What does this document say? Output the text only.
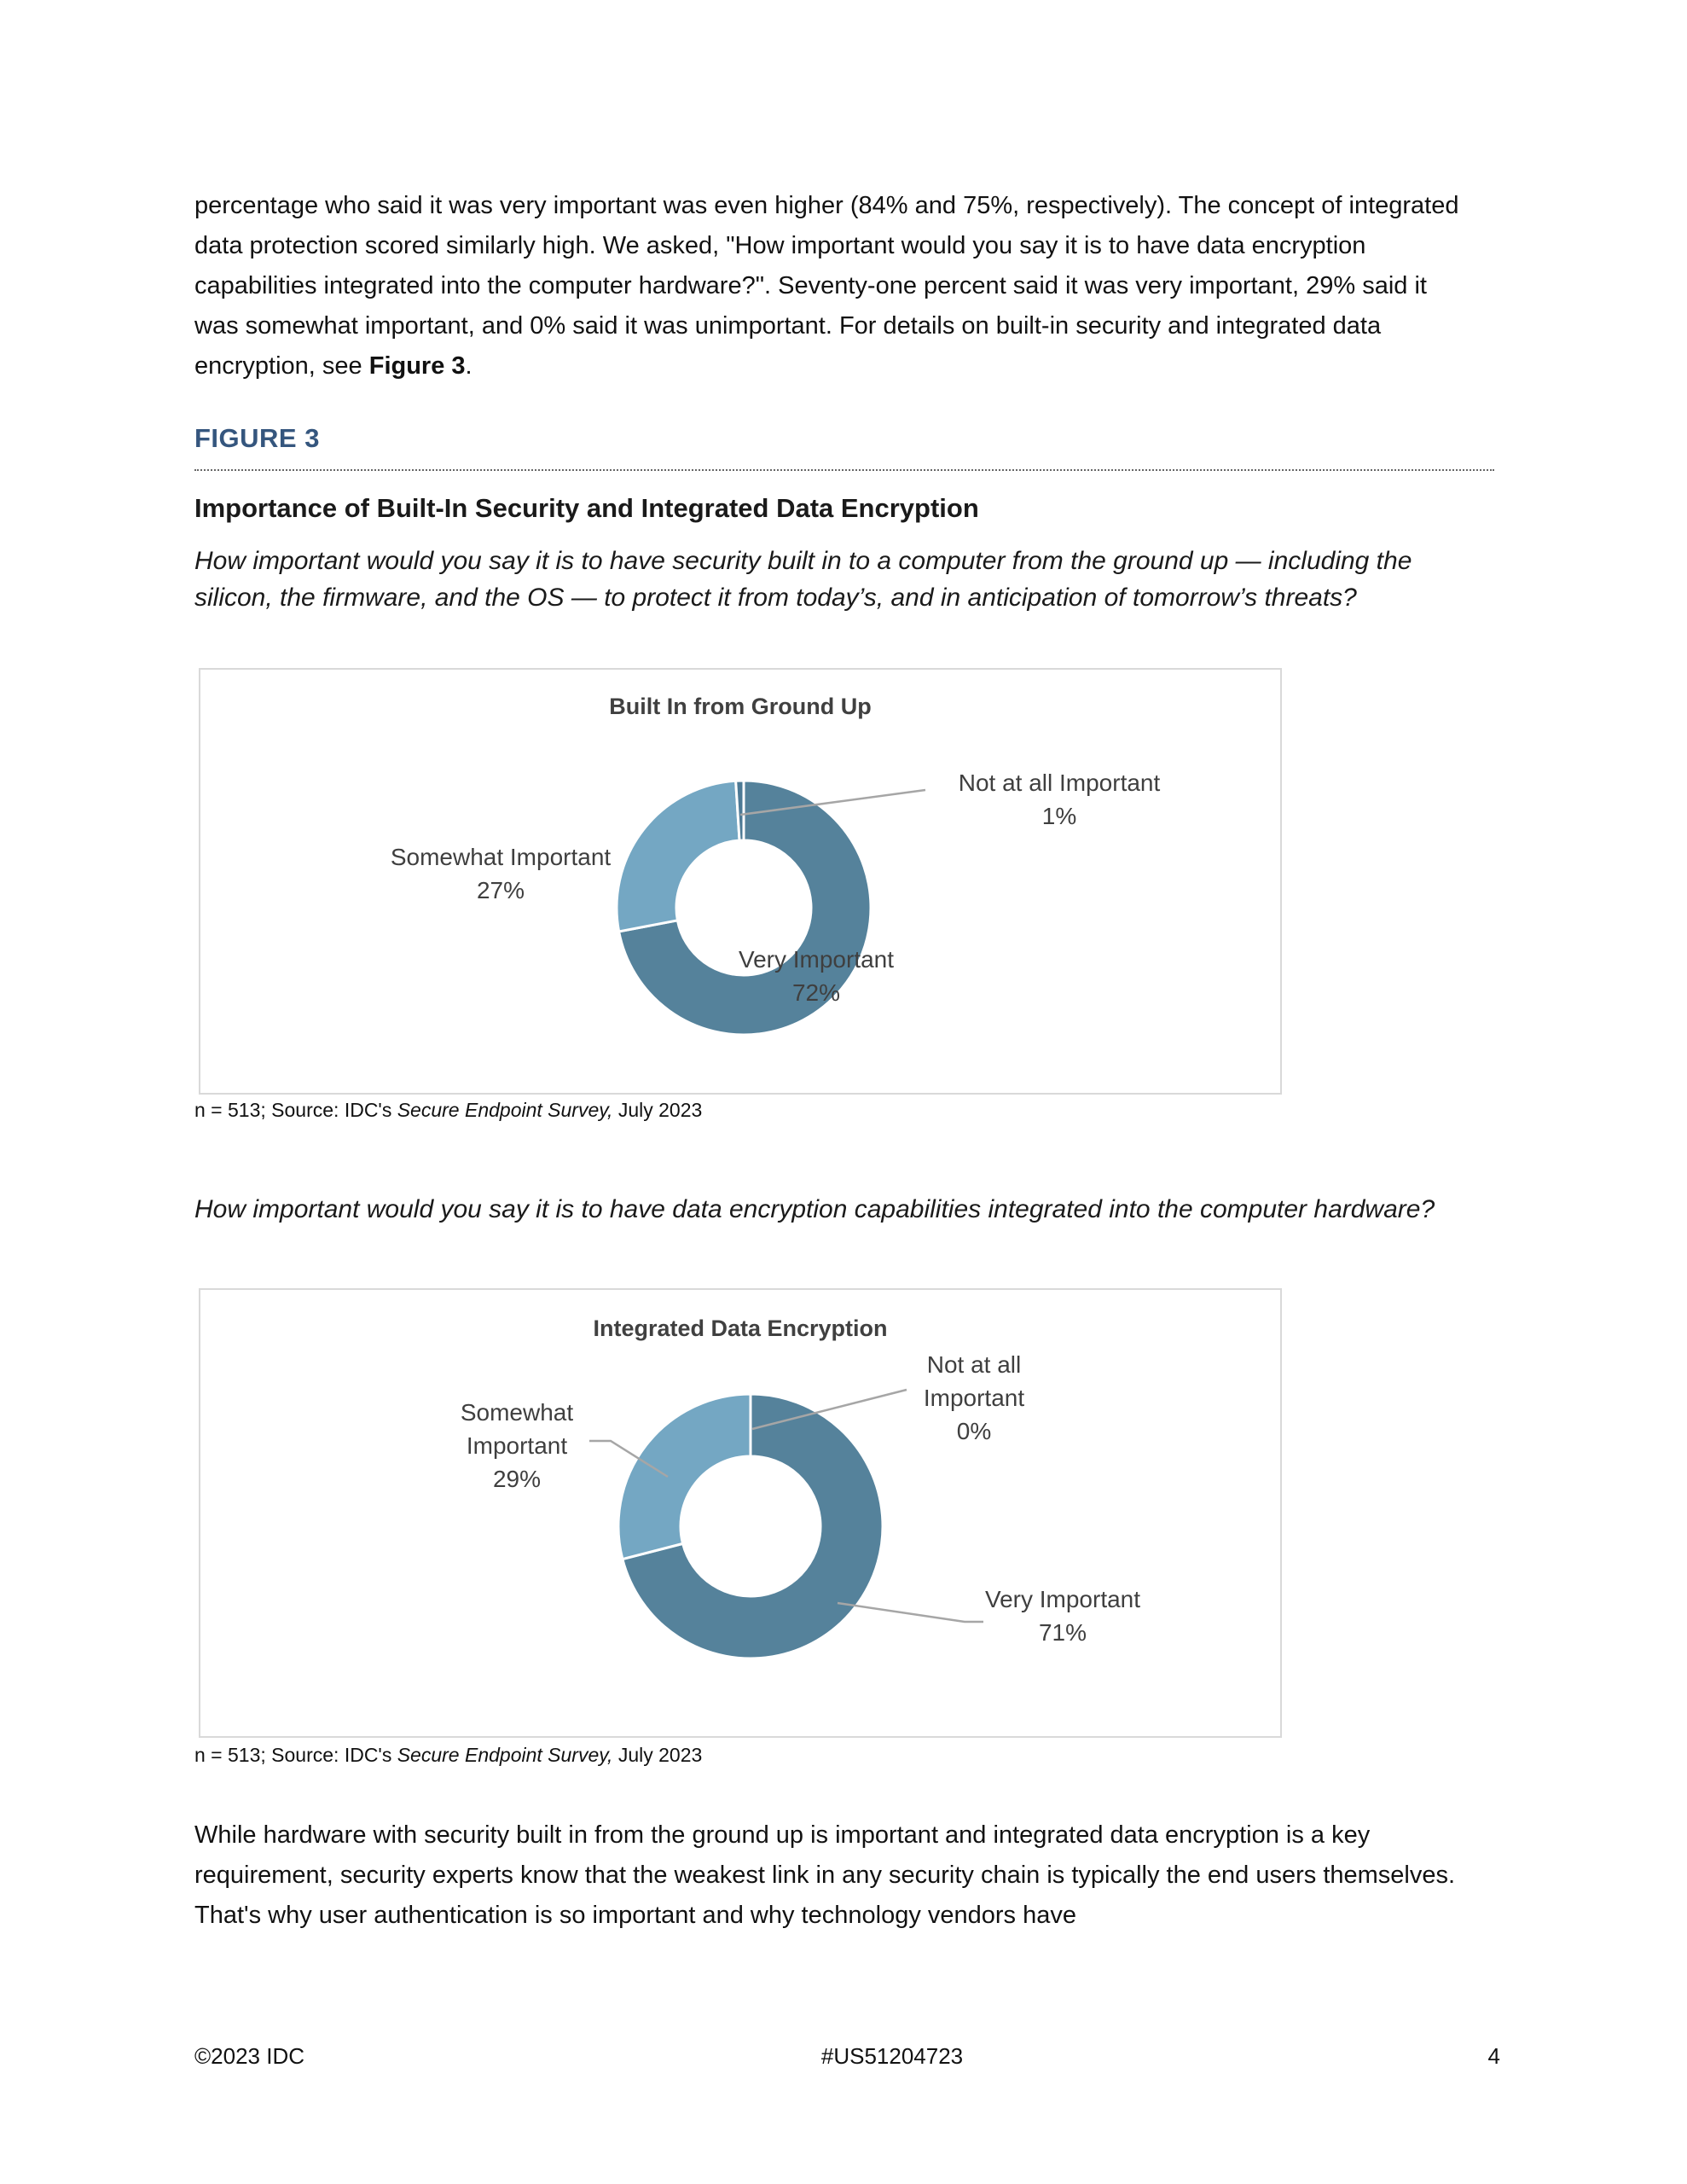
percentage who said it was very important was even higher (84% and 75%, respectively). The concept of integrated data protection scored similarly high. We asked, "How important would you say it is to have data encryption capabilities integrated into the computer hardware?". Seventy-one percent said it was very important, 29% said it was somewhat important, and 0% said it was unimportant. For details on built-in security and integrated data encryption, see Figure 3.

FIGURE 3
Importance of Built-In Security and Integrated Data Encryption

How important would you say it is to have security built in to a computer from the ground up — including the silicon, the firmware, and the OS — to protect it from today’s, and in anticipation of tomorrow’s threats?

Built In from Ground Up
Not at all Important
1%
Somewhat Important
27%
Very Important
72%
n = 513; Source: IDC's Secure Endpoint Survey, July 2023

How important would you say it is to have data encryption capabilities integrated into the computer hardware?

Integrated Data Encryption
Not at all
Important
0%
Somewhat
Important
29%
Very Important
71%
n = 513; Source: IDC's Secure Endpoint Survey, July 2023

While hardware with security built in from the ground up is important and integrated data encryption is a key requirement, security experts know that the weakest link in any security chain is typically the end users themselves. That's why user authentication is so important and why technology vendors have

©2023 IDC	#US51204723	4
